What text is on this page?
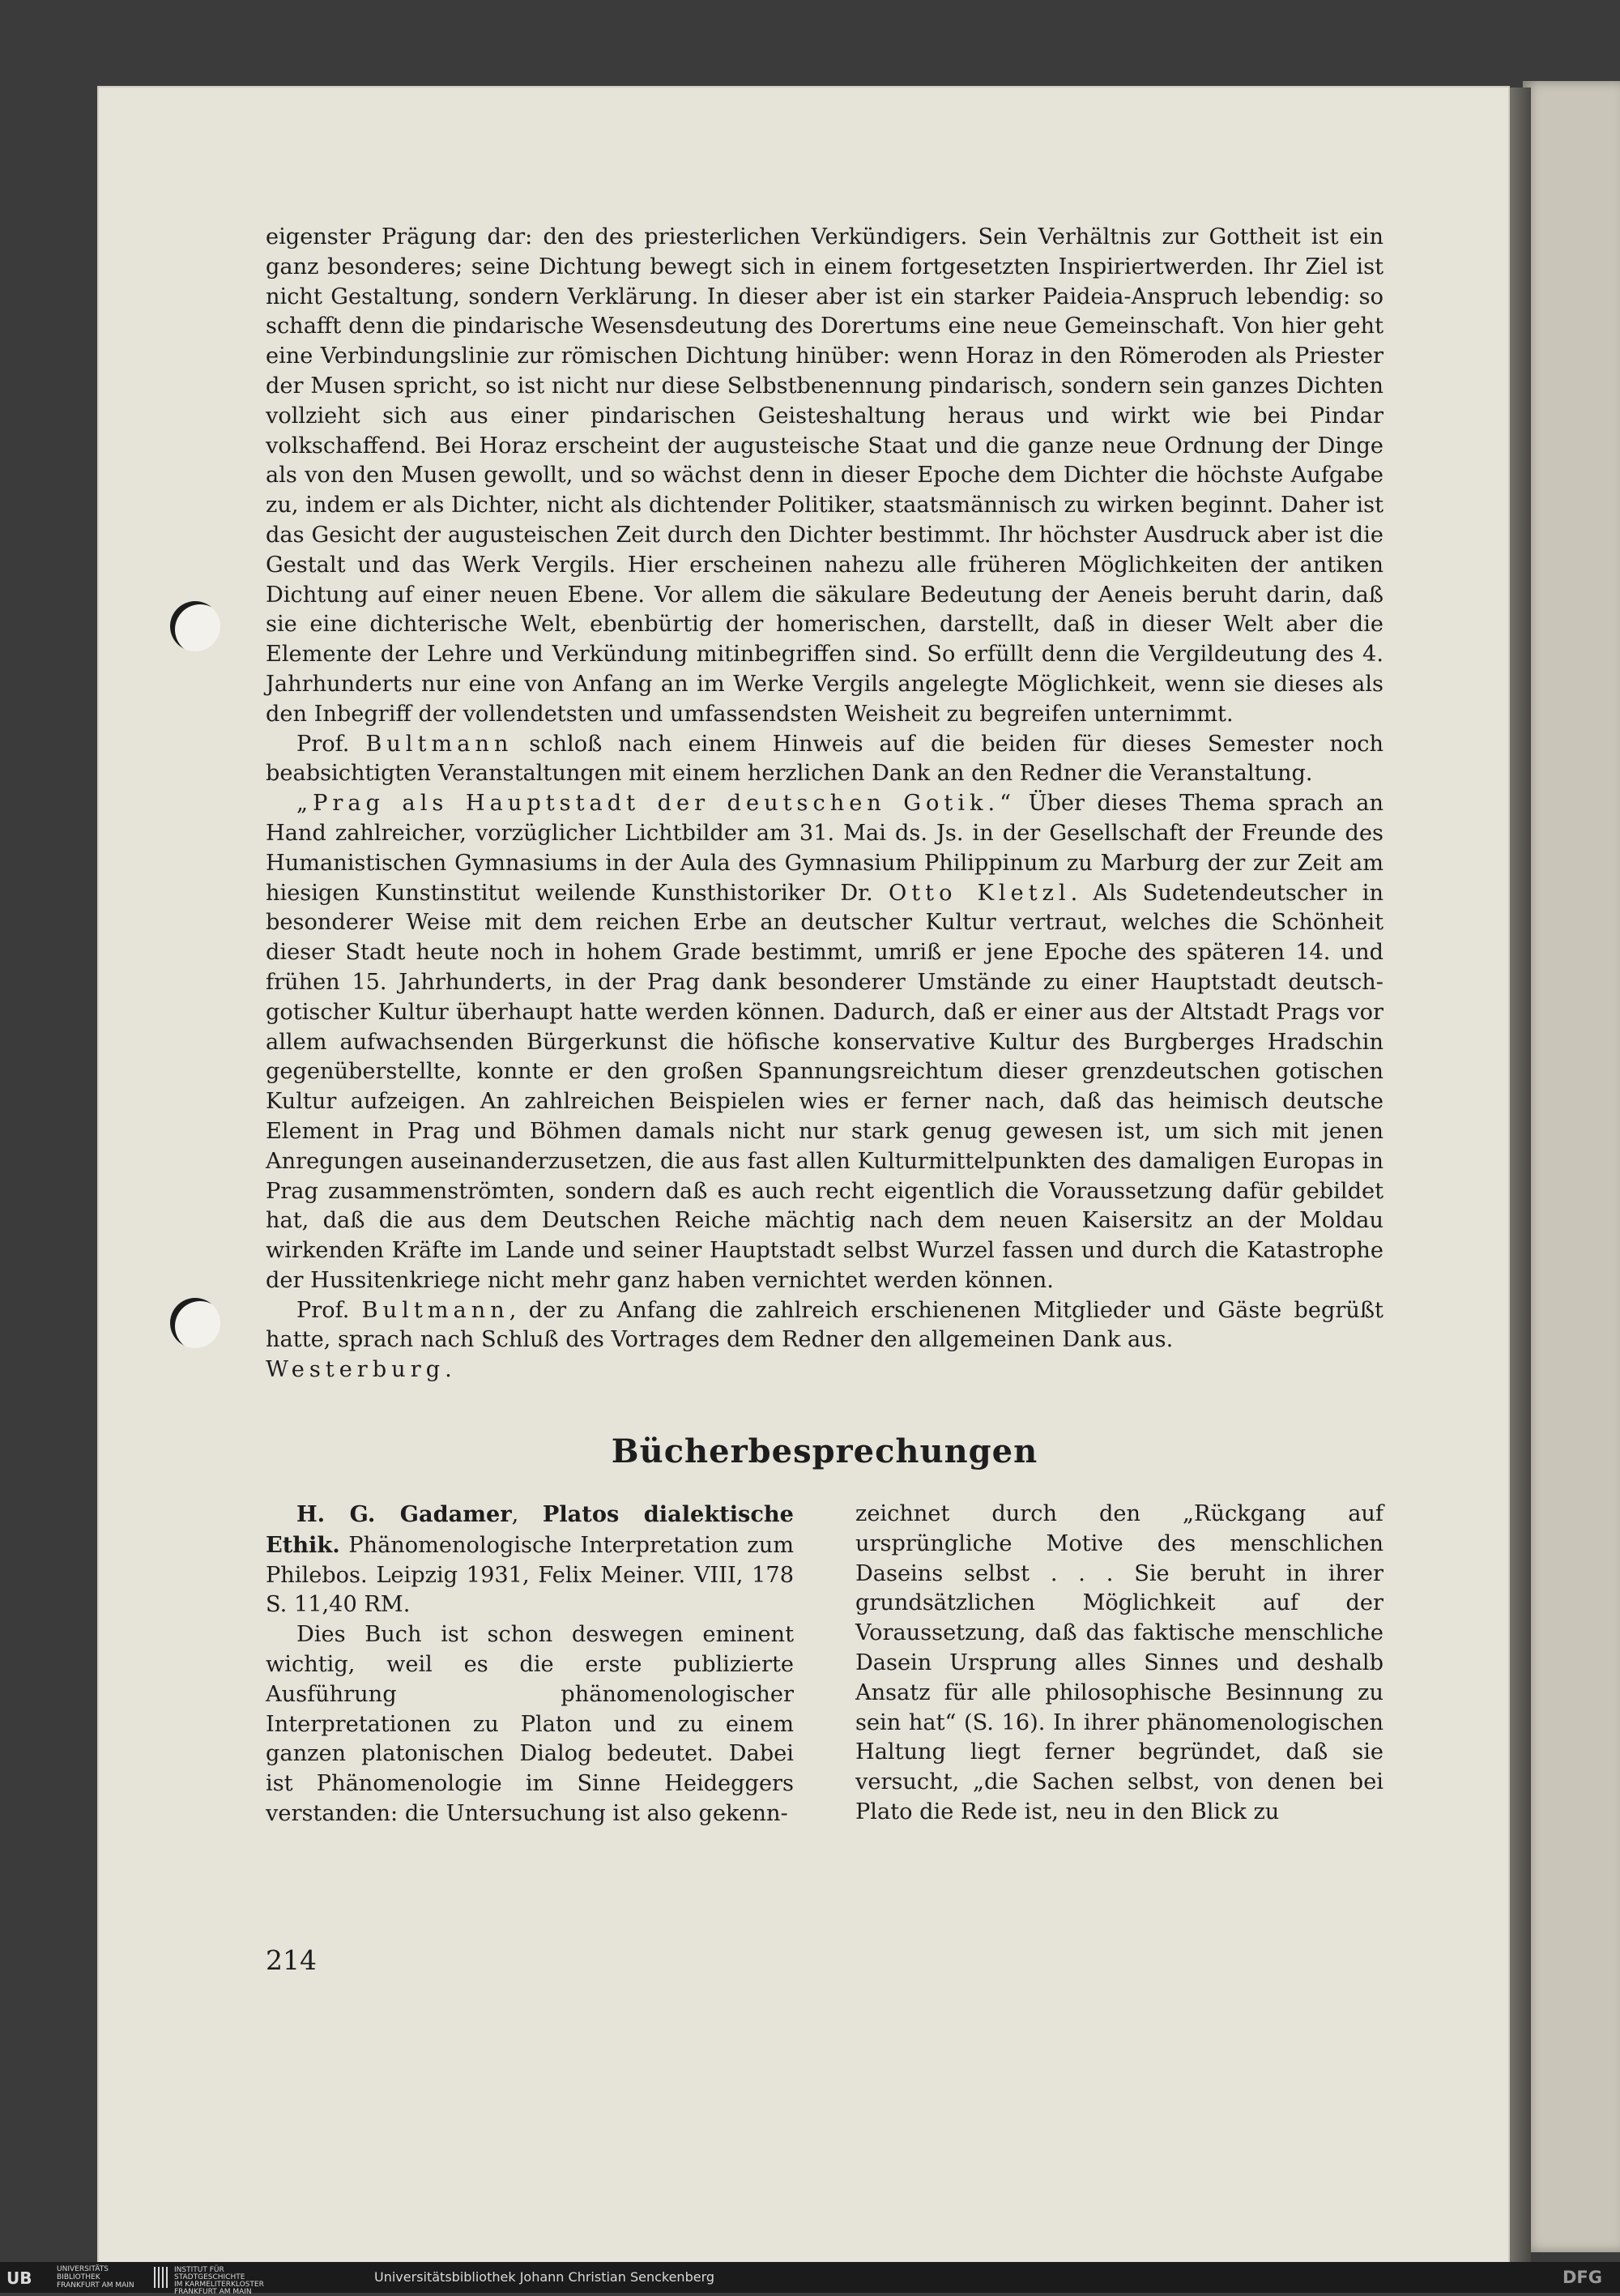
eigenster Prägung dar: den des priesterlichen Verkündigers. Sein Verhältnis zur Gottheit ist ein ganz besonderes; seine Dichtung bewegt sich in einem fortgesetzten Inspiriertwerden. Ihr Ziel ist nicht Gestaltung, sondern Verklärung. In dieser aber ist ein starker Paideia-Anspruch lebendig: so schafft denn die pindarische Wesensdeutung des Dorertums eine neue Gemeinschaft. Von hier geht eine Verbindungslinie zur römischen Dichtung hinüber: wenn Horaz in den Römeroden als Priester der Musen spricht, so ist nicht nur diese Selbstbenennung pindarisch, sondern sein ganzes Dichten vollzieht sich aus einer pindarischen Geisteshaltung heraus und wirkt wie bei Pindar volkschaffend. Bei Horaz erscheint der augusteische Staat und die ganze neue Ordnung der Dinge als von den Musen gewollt, und so wächst denn in dieser Epoche dem Dichter die höchste Aufgabe zu, indem er als Dichter, nicht als dichtender Politiker, staatsmännisch zu wirken beginnt. Daher ist das Gesicht der augusteischen Zeit durch den Dichter bestimmt. Ihr höchster Ausdruck aber ist die Gestalt und das Werk Vergils. Hier erscheinen nahezu alle früheren Möglichkeiten der antiken Dichtung auf einer neuen Ebene. Vor allem die säkulare Bedeutung der Aeneis beruht darin, daß sie eine dichterische Welt, ebenbürtig der homerischen, darstellt, daß in dieser Welt aber die Elemente der Lehre und Verkündung mitinbegriffen sind. So erfüllt denn die Vergildeutung des 4. Jahrhunderts nur eine von Anfang an im Werke Vergils angelegte Möglichkeit, wenn sie dieses als den Inbegriff der vollendetsten und umfassendsten Weisheit zu begreifen unternimmt.

Prof. Bultmann schloß nach einem Hinweis auf die beiden für dieses Semester noch beabsichtigten Veranstaltungen mit einem herzlichen Dank an den Redner die Veranstaltung.

„Prag als Hauptstadt der deutschen Gotik.“ Über dieses Thema sprach an Hand zahlreicher, vorzüglicher Lichtbilder am 31. Mai ds. Js. in der Gesellschaft der Freunde des Humanistischen Gymnasiums in der Aula des Gymnasium Philippinum zu Marburg der zur Zeit am hiesigen Kunstinstitut weilende Kunsthistoriker Dr. Otto Kletzl. Als Sudetendeutscher in besonderer Weise mit dem reichen Erbe an deutscher Kultur vertraut, welches die Schönheit dieser Stadt heute noch in hohem Grade bestimmt, umriß er jene Epoche des späteren 14. und frühen 15. Jahrhunderts, in der Prag dank besonderer Umstände zu einer Hauptstadt deutsch-gotischer Kultur überhaupt hatte werden können. Dadurch, daß er einer aus der Altstadt Prags vor allem aufwachsenden Bürgerkunst die höfische konservative Kultur des Burgberges Hradschin gegenüberstellte, konnte er den großen Spannungsreichtum dieser grenzdeutschen gotischen Kultur aufzeigen. An zahlreichen Beispielen wies er ferner nach, daß das heimisch deutsche Element in Prag und Böhmen damals nicht nur stark genug gewesen ist, um sich mit jenen Anregungen auseinanderzusetzen, die aus fast allen Kulturmittelpunkten des damaligen Europas in Prag zusammenströmten, sondern daß es auch recht eigentlich die Voraussetzung dafür gebildet hat, daß die aus dem Deutschen Reiche mächtig nach dem neuen Kaisersitz an der Moldau wirkenden Kräfte im Lande und seiner Hauptstadt selbst Wurzel fassen und durch die Katastrophe der Hussitenkriege nicht mehr ganz haben vernichtet werden können.

Prof. Bultmann, der zu Anfang die zahlreich erschienenen Mitglieder und Gäste begrüßt hatte, sprach nach Schluß des Vortrages dem Redner den allgemeinen Dank aus.

Westerburg.

Bücherbesprechungen

H. G. Gadamer, Platos dialektische Ethik. Phänomenologische Interpretation zum Philebos. Leipzig 1931, Felix Meiner. VIII, 178 S. 11,40 RM.

Dies Buch ist schon deswegen eminent wichtig, weil es die erste publizierte Ausführung phänomenologischer Interpretationen zu Platon und zu einem ganzen platonischen Dialog bedeutet. Dabei ist Phänomenologie im Sinne Heideggers verstanden: die Untersuchung ist also gekenn-

zeichnet durch den „Rückgang auf ursprüngliche Motive des menschlichen Daseins selbst . . . Sie beruht in ihrer grundsätzlichen Möglichkeit auf der Voraussetzung, daß das faktische menschliche Dasein Ursprung alles Sinnes und deshalb Ansatz für alle philosophische Besinnung zu sein hat“ (S. 16). In ihrer phänomenologischen Haltung liegt ferner begründet, daß sie versucht, „die Sachen selbst, von denen bei Plato die Rede ist, neu in den Blick zu

214
UB	UNIVERSITÄTS
BIBLIOTHEK
FRANKFURT AM MAIN
INSTITUT FÜR
STADTGESCHICHTE
IM KARMELITERKLOSTER
FRANKFURT AM MAIN
Universitätsbibliothek Johann Christian Senckenberg	DFG
